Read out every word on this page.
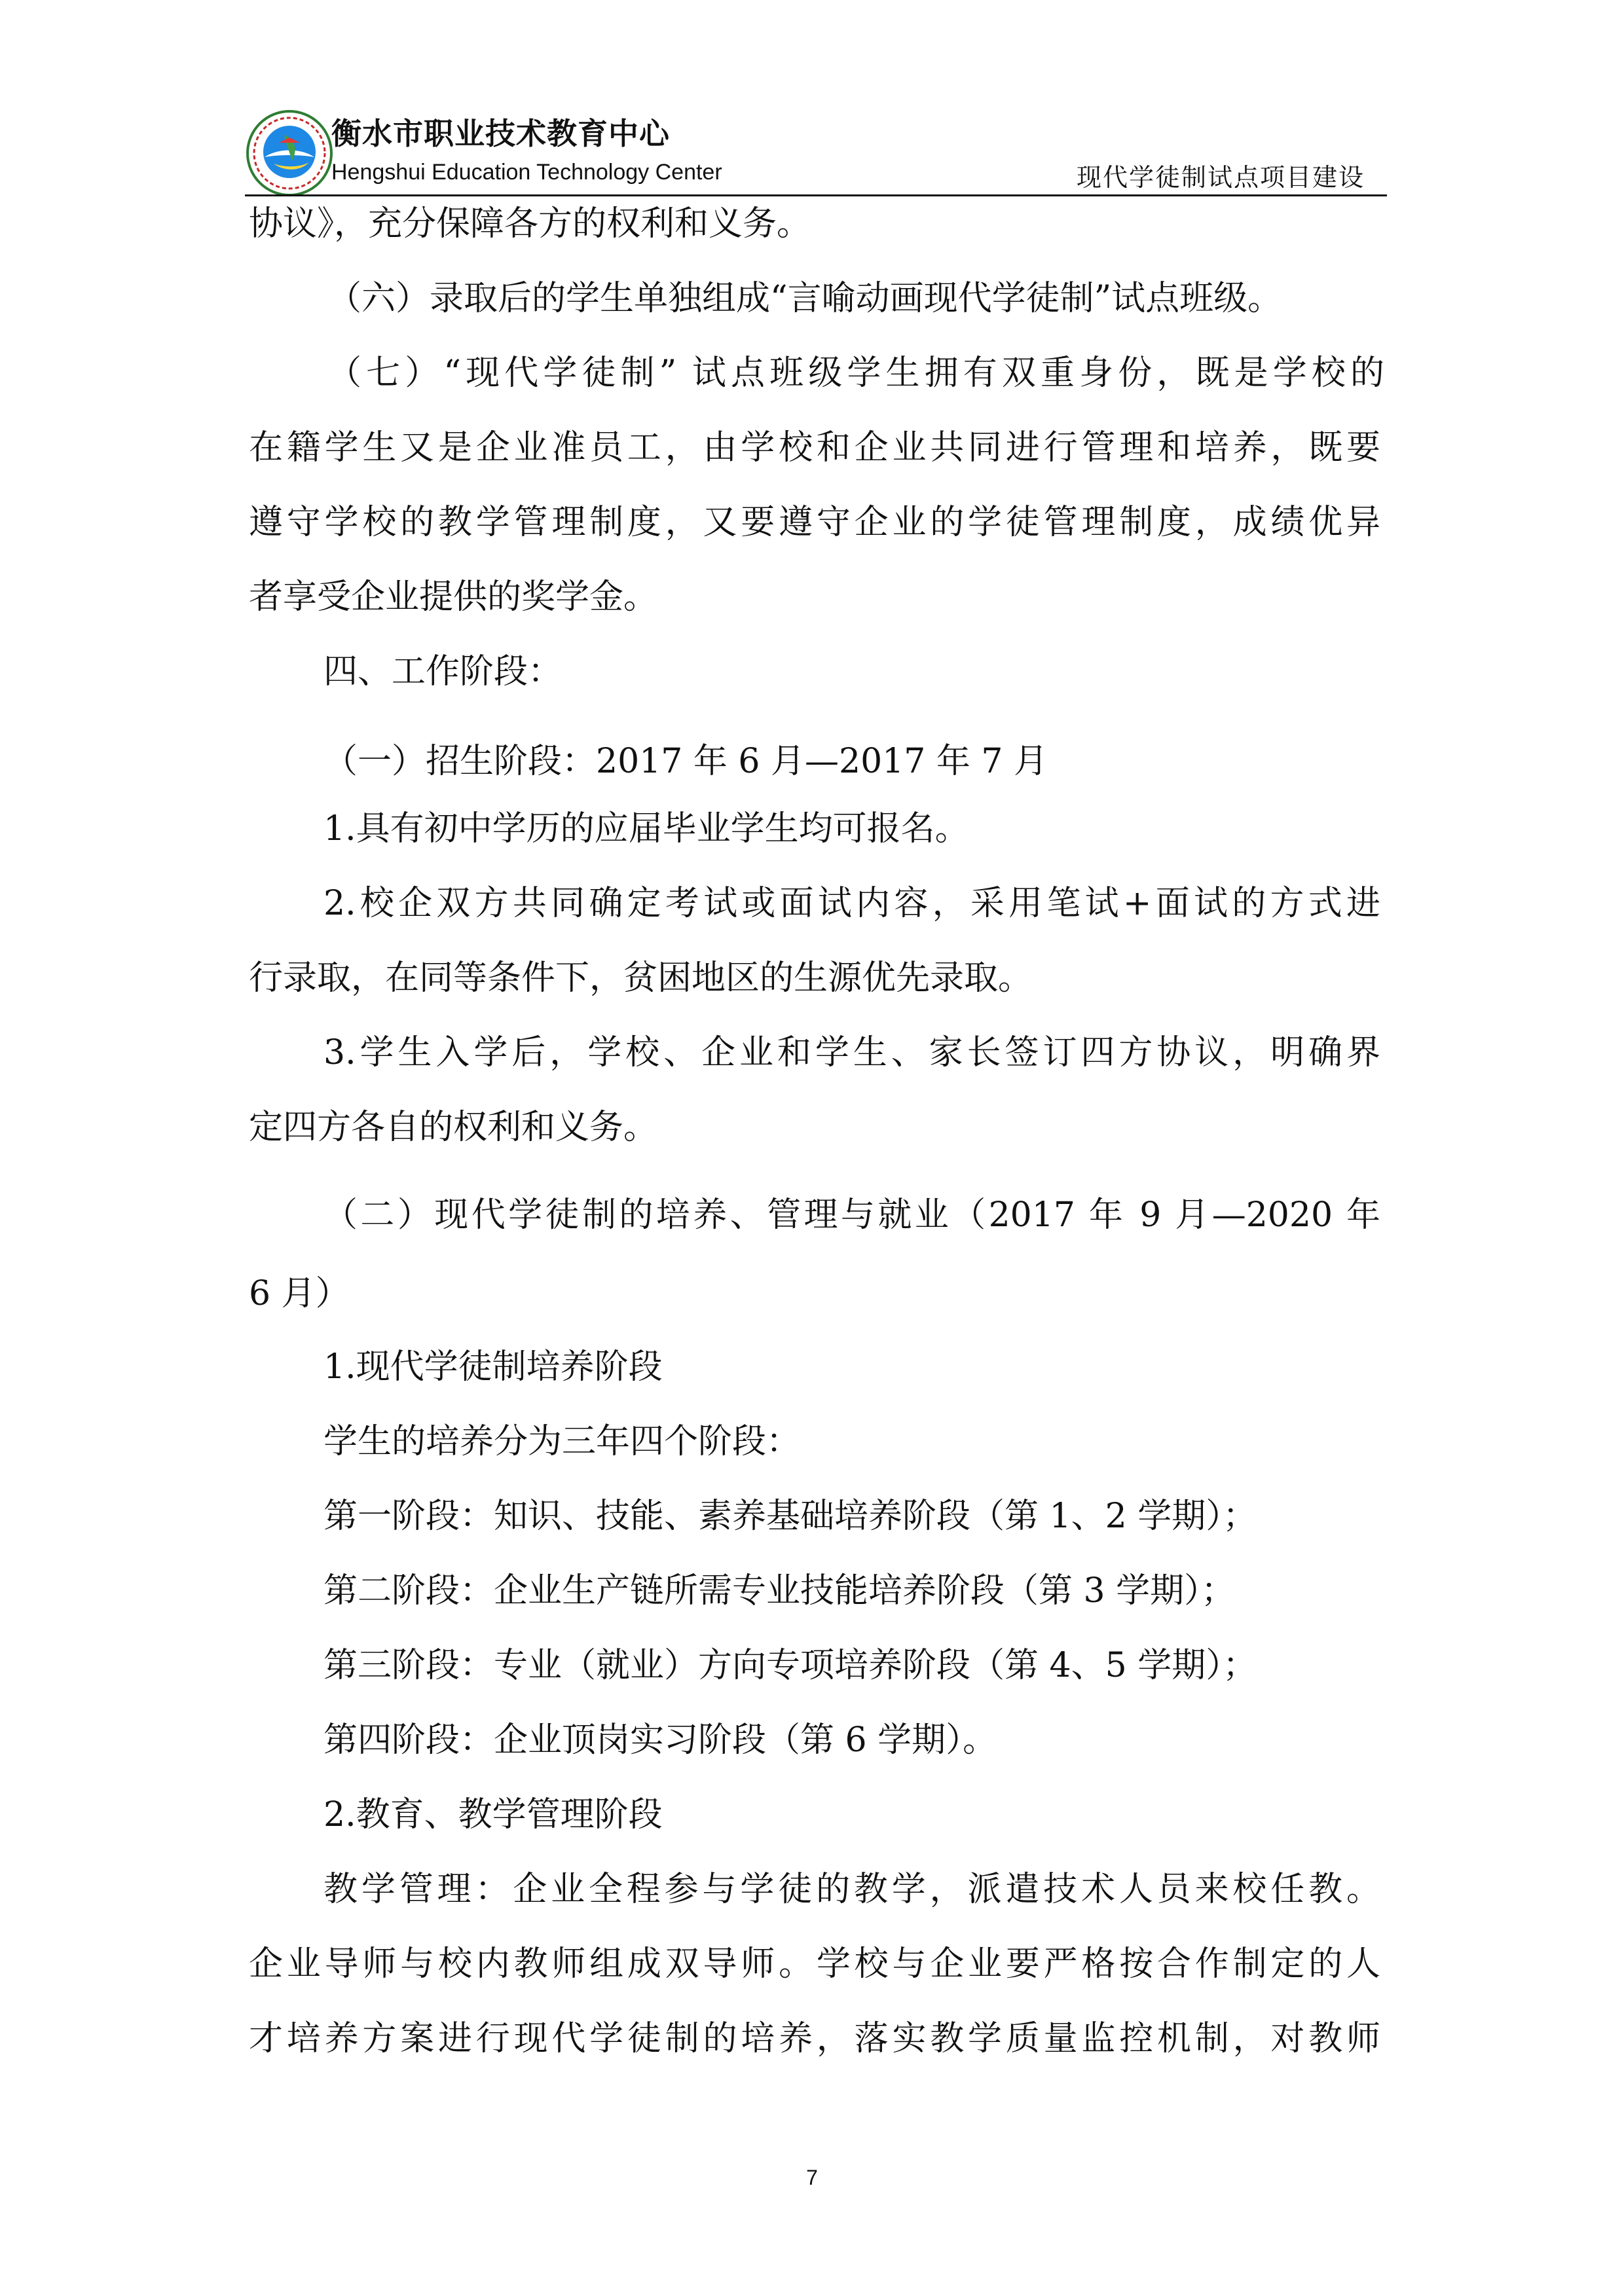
衡水市职业技术教育中心
Hengshui Education Technology Center	现代学徒制试点项目建设
协议》，充分保障各方的权利和义务。
（六）录取后的学生单独组成“言喻动画现代学徒制”试点班级。
（七）“现代学徒制” 试点班级学生拥有双重身份，既是学校的
在籍学生又是企业准员工，由学校和企业共同进行管理和培养，既要
遵守学校的教学管理制度，又要遵守企业的学徒管理制度，成绩优异
者享受企业提供的奖学金。
四、工作阶段：
（一）招生阶段：2017 年 6 月—2017 年 7 月
1.具有初中学历的应届毕业学生均可报名。
2.校企双方共同确定考试或面试内容，采用笔试+面试的方式进
行录取，在同等条件下，贫困地区的生源优先录取。
3.学生入学后，学校、企业和学生、家长签订四方协议，明确界
定四方各自的权利和义务。
（二）现代学徒制的培养、管理与就业（2017 年 9 月—2020 年
6 月）
1.现代学徒制培养阶段
学生的培养分为三年四个阶段：
第一阶段：知识、技能、素养基础培养阶段（第 1、2 学期）；
第二阶段：企业生产链所需专业技能培养阶段（第 3 学期）；
第三阶段：专业（就业）方向专项培养阶段（第 4、5 学期）；
第四阶段：企业顶岗实习阶段（第 6 学期）。
2.教育、教学管理阶段
教学管理：企业全程参与学徒的教学，派遣技术人员来校任教。
企业导师与校内教师组成双导师。学校与企业要严格按合作制定的人
才培养方案进行现代学徒制的培养，落实教学质量监控机制，对教师
7
